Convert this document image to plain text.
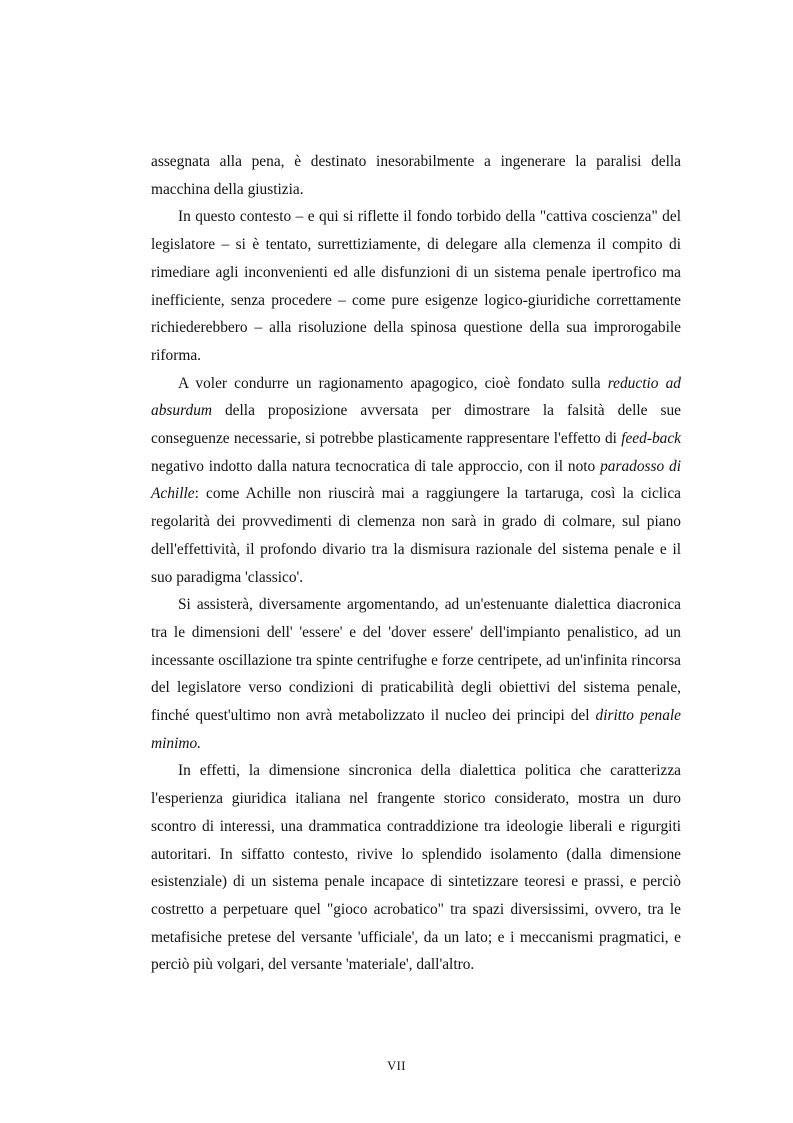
assegnata alla pena, è destinato inesorabilmente a ingenerare la paralisi della macchina della giustizia.

In questo contesto – e qui si riflette il fondo torbido della "cattiva coscienza" del legislatore – si è tentato, surrettiziamente, di delegare alla clemenza il compito di rimediare agli inconvenienti ed alle disfunzioni di un sistema penale ipertrofico ma inefficiente, senza procedere – come pure esigenze logico-giuridiche correttamente richiederebbero – alla risoluzione della spinosa questione della sua improrogabile riforma.

A voler condurre un ragionamento apagogico, cioè fondato sulla reductio ad absurdum della proposizione avversata per dimostrare la falsità delle sue conseguenze necessarie, si potrebbe plasticamente rappresentare l'effetto di feed-back negativo indotto dalla natura tecnocratica di tale approccio, con il noto paradosso di Achille: come Achille non riuscirà mai a raggiungere la tartaruga, così la ciclica regolarità dei provvedimenti di clemenza non sarà in grado di colmare, sul piano dell'effettività, il profondo divario tra la dismisura razionale del sistema penale e il suo paradigma 'classico'.

Si assisterà, diversamente argomentando, ad un'estenuante dialettica diacronica tra le dimensioni dell' 'essere' e del 'dover essere' dell'impianto penalistico, ad un incessante oscillazione tra spinte centrifughe e forze centripete, ad un'infinita rincorsa del legislatore verso condizioni di praticabilità degli obiettivi del sistema penale, finché quest'ultimo non avrà metabolizzato il nucleo dei principi del diritto penale minimo.

In effetti, la dimensione sincronica della dialettica politica che caratterizza l'esperienza giuridica italiana nel frangente storico considerato, mostra un duro scontro di interessi, una drammatica contraddizione tra ideologie liberali e rigurgiti autoritari. In siffatto contesto, rivive lo splendido isolamento (dalla dimensione esistenziale) di un sistema penale incapace di sintetizzare teoresi e prassi, e perciò costretto a perpetuare quel "gioco acrobatico" tra spazi diversissimi, ovvero, tra le metafisiche pretese del versante 'ufficiale', da un lato; e i meccanismi pragmatici, e perciò più volgari, del versante 'materiale', dall'altro.

VII
